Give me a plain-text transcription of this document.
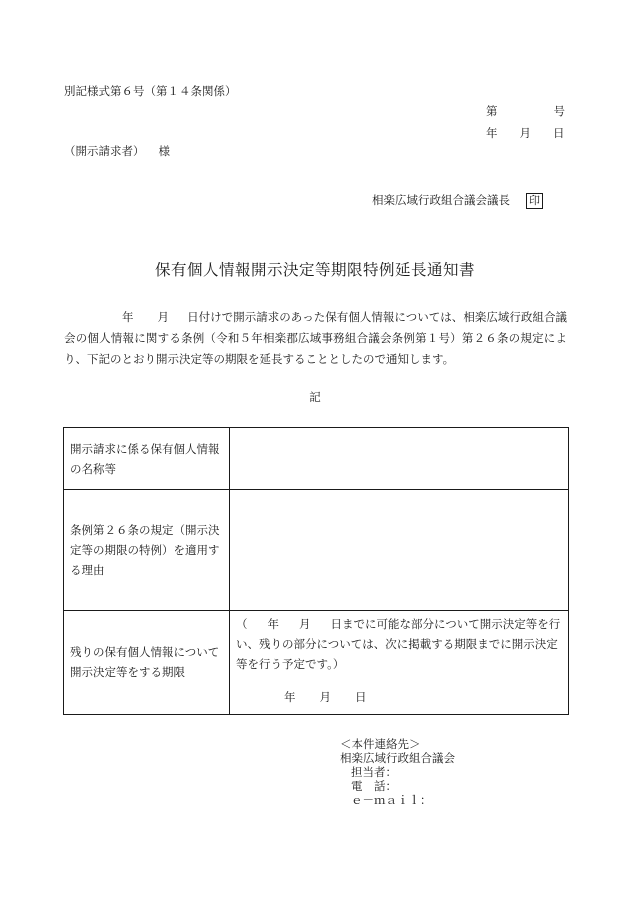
別記様式第６号（第１４条関係）
第	号
年 月 日
（開示請求者） 様
相楽広域行政組合議会議長 印
保有個人情報開示決定等期限特例延長通知書
年 月 日付けで開示請求のあった保有個人情報については、相楽広域行政組合議会の個人情報に関する条例（令和５年相楽郡広域事務組合議会条例第１号）第２６条の規定により、下記のとおり開示決定等の期限を延長することとしたので通知します。
記
開示請求に係る保有個人情報の名称等	
条例第２６条の規定（開示決定等の期限の特例）を適用する理由	
残りの保有個人情報について開示決定等をする期限	（ 年 月 日までに可能な部分について開示決定等を行い、残りの部分については、次に掲載する期限までに開示決定等を行う予定です。）
年 月 日
＜本件連絡先＞
相楽広域行政組合議会
担当者：
電　話：
ｅ－ｍａｉｌ：
